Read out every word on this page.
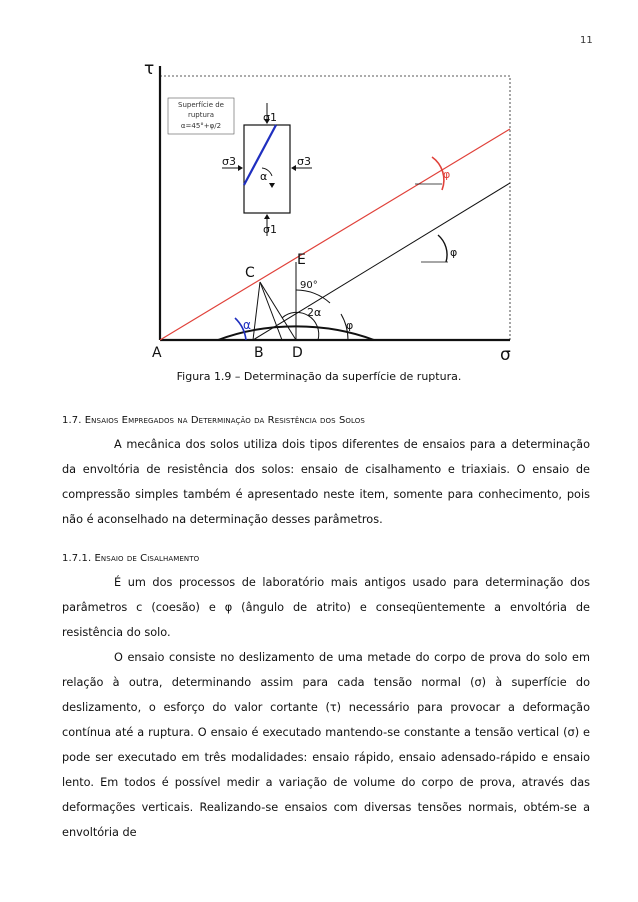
11
τ
σ
Superfície de
ruptura
α=45°+φ/2
σ1
σ1
σ3	σ3
α
A	B
C
D
E
90°
2α
φ
α
φ
φ
Figura 1.9 – Determinação da superfície de ruptura.
1.7. Ensaios Empregados na Determinação da Resistência dos Solos
A mecânica dos solos utiliza dois tipos diferentes de ensaios para a determinação da envoltória de resistência dos solos: ensaio de cisalhamento e triaxiais. O ensaio de compressão simples também é apresentado neste item, somente para conhecimento, pois não é aconselhado na determinação desses parâmetros.
1.7.1. Ensaio de Cisalhamento
É um dos processos de laboratório mais antigos usado para determinação dos parâmetros c (coesão) e φ (ângulo de atrito) e conseqüentemente a envoltória de resistência do solo.
O ensaio consiste no deslizamento de uma metade do corpo de prova do solo em relação à outra, determinando assim para cada tensão normal (σ) à superfície do deslizamento, o esforço do valor cortante (τ) necessário para provocar a deformação contínua até a ruptura. O ensaio é executado mantendo-se constante a tensão vertical (σ) e pode ser executado em três modalidades: ensaio rápido, ensaio adensado-rápido e ensaio lento. Em todos é possível medir a variação de volume do corpo de prova, através das deformações verticais. Realizando-se ensaios com diversas tensões normais, obtém-se a envoltória de
